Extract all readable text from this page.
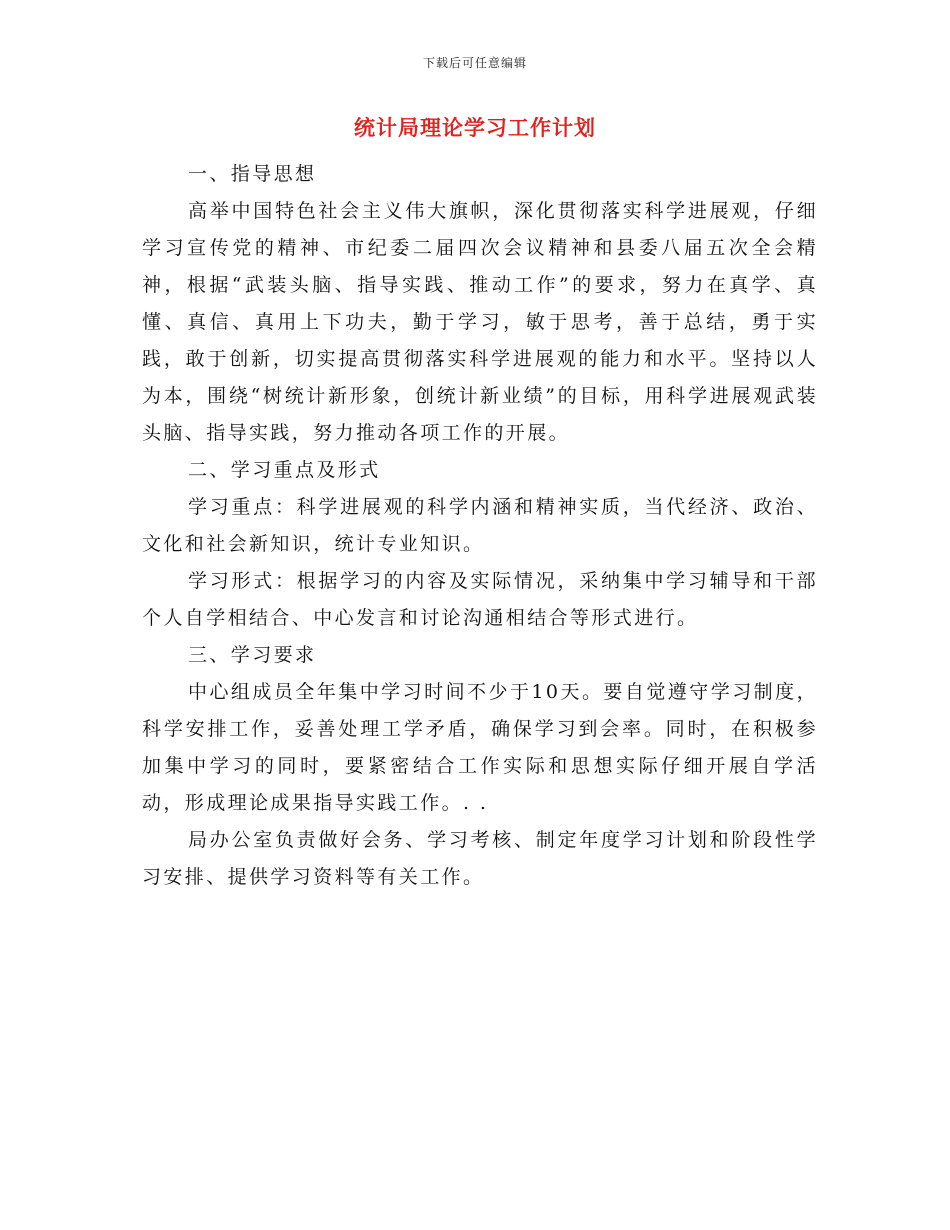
下载后可任意编辑
统计局理论学习工作计划

一、指导思想

高举中国特色社会主义伟大旗帜，深化贯彻落实科学进展观，仔细学习宣传党的精神、市纪委二届四次会议精神和县委八届五次全会精神，根据“武装头脑、指导实践、推动工作”的要求，努力在真学、真懂、真信、真用上下功夫，勤于学习，敏于思考，善于总结，勇于实践，敢于创新，切实提高贯彻落实科学进展观的能力和水平。坚持以人为本，围绕“树统计新形象，创统计新业绩”的目标，用科学进展观武装头脑、指导实践，努力推动各项工作的开展。

二、学习重点及形式

学习重点：科学进展观的科学内涵和精神实质，当代经济、政治、文化和社会新知识，统计专业知识。

学习形式：根据学习的内容及实际情况，采纳集中学习辅导和干部个人自学相结合、中心发言和讨论沟通相结合等形式进行。

三、学习要求

中心组成员全年集中学习时间不少于10天。要自觉遵守学习制度，科学安排工作，妥善处理工学矛盾，确保学习到会率。同时，在积极参加集中学习的同时，要紧密结合工作实际和思想实际仔细开展自学活动，形成理论成果指导实践工作。. .

局办公室负责做好会务、学习考核、制定年度学习计划和阶段性学习安排、提供学习资料等有关工作。
